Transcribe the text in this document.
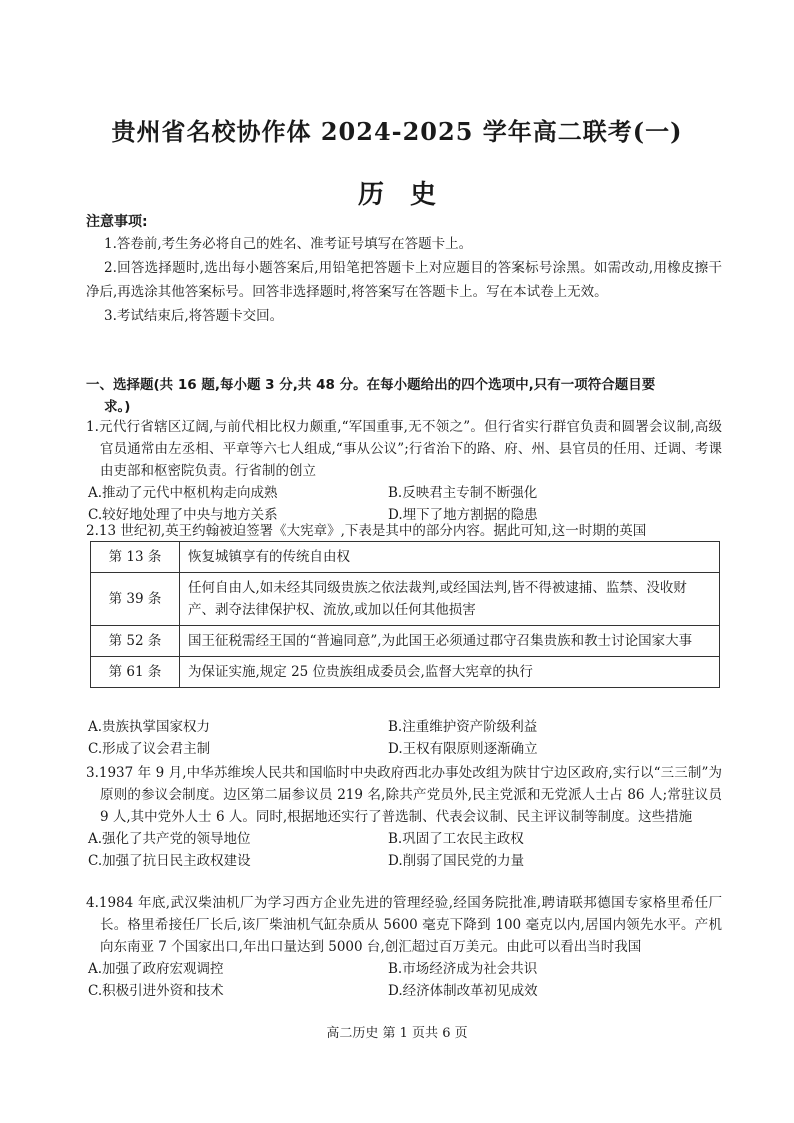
贵州省名校协作体 2024-2025 学年高二联考(一)
历史
注意事项:

1.答卷前,考生务必将自己的姓名、准考证号填写在答题卡上。

2.回答选择题时,选出每小题答案后,用铅笔把答题卡上对应题目的答案标号涂黑。如需改动,用橡皮擦干净后,再选涂其他答案标号。回答非选择题时,将答案写在答题卡上。写在本试卷上无效。

3.考试结束后,将答题卡交回。

一、选择题(共 16 题,每小题 3 分,共 48 分。在每小题给出的四个选项中,只有一项符合题目要
求。)

1.元代行省辖区辽阔,与前代相比权力颇重,“军国重事,无不领之”。但行省实行群官负责和圆署会议制,高级官员通常由左丞相、平章等六七人组成,“事从公议”;行省治下的路、府、州、县官员的任用、迁调、考课由吏部和枢密院负责。行省制的创立

A.推动了元代中枢机构走向成熟	B.反映君主专制不断强化
C.较好地处理了中央与地方关系	D.埋下了地方割据的隐患

2.13 世纪初,英王约翰被迫签署《大宪章》,下表是其中的部分内容。据此可知,这一时期的英国

第 13 条	恢复城镇享有的传统自由权
第 39 条	任何自由人,如未经其同级贵族之依法裁判,或经国法判,皆不得被逮捕、监禁、没收财产、剥夺法律保护权、流放,或加以任何其他损害
第 52 条	国王征税需经王国的“普遍同意”,为此国王必须通过郡守召集贵族和教士讨论国家大事
第 61 条	为保证实施,规定 25 位贵族组成委员会,监督大宪章的执行
A.贵族执掌国家权力	B.注重维护资产阶级利益
C.形成了议会君主制	D.王权有限原则逐渐确立

3.1937 年 9 月,中华苏维埃人民共和国临时中央政府西北办事处改组为陕甘宁边区政府,实行以“三三制”为原则的参议会制度。边区第二届参议员 219 名,除共产党员外,民主党派和无党派人士占 86 人;常驻议员 9 人,其中党外人士 6 人。同时,根据地还实行了普选制、代表会议制、民主评议制等制度。这些措施

A.强化了共产党的领导地位	B.巩固了工农民主政权
C.加强了抗日民主政权建设	D.削弱了国民党的力量

4.1984 年底,武汉柴油机厂为学习西方企业先进的管理经验,经国务院批准,聘请联邦德国专家格里希任厂长。格里希接任厂长后,该厂柴油机气缸杂质从 5600 毫克下降到 100 毫克以内,居国内领先水平。产机向东南亚 7 个国家出口,年出口量达到 5000 台,创汇超过百万美元。由此可以看出当时我国

A.加强了政府宏观调控	B.市场经济成为社会共识
C.积极引进外资和技术	D.经济体制改革初见成效
高二历史 第 1 页共 6 页
